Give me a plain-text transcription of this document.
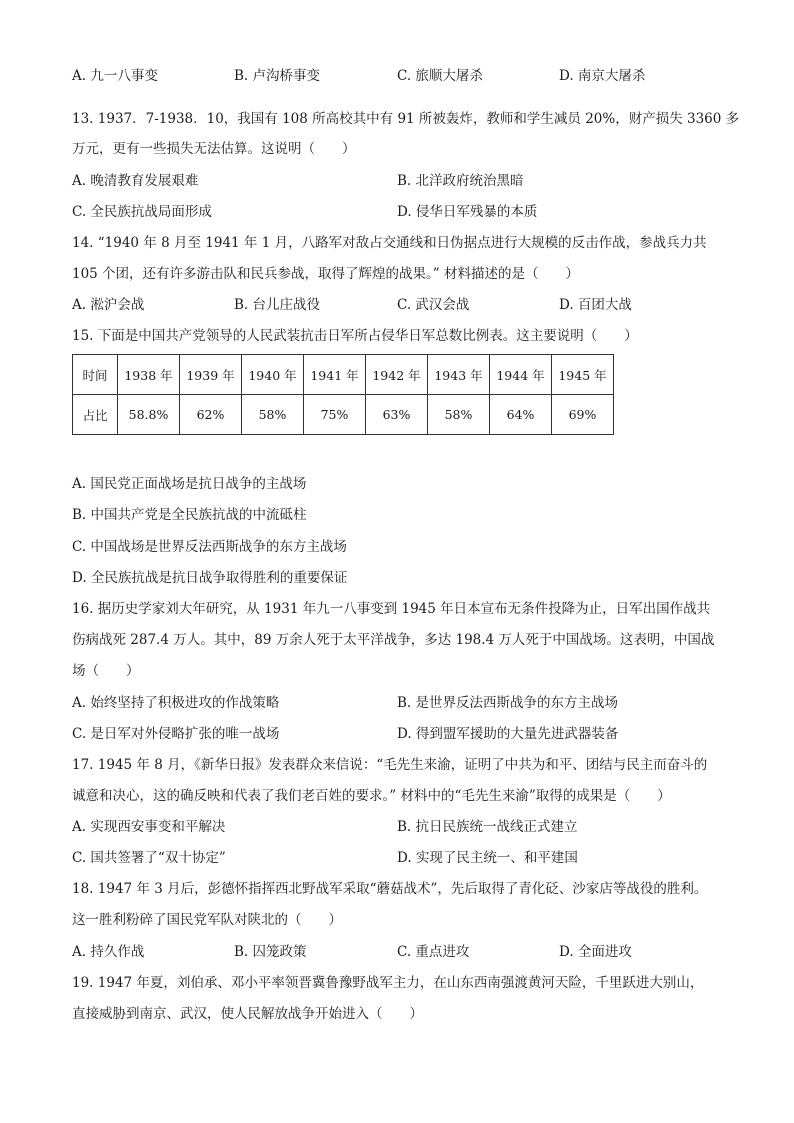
A. 九一八事变	B. 卢沟桥事变	C. 旅顺大屠杀	D. 南京大屠杀
13. 1937．7-1938．10，我国有 108 所高校其中有 91 所被轰炸，教师和学生减员 20%，财产损失 3360 多
万元，更有一些损失无法估算。这说明（　　）
A. 晚清教育发展艰难	B. 北洋政府统治黑暗
C. 全民族抗战局面形成	D. 侵华日军残暴的本质
14. “1940 年 8 月至 1941 年 1 月，八路军对敌占交通线和日伪据点进行大规模的反击作战，参战兵力共
105 个团，还有许多游击队和民兵参战，取得了辉煌的战果。” 材料描述的是（　　）
A. 淞沪会战	B. 台儿庄战役	C. 武汉会战	D. 百团大战
15. 下面是中国共产党领导的人民武装抗击日军所占侵华日军总数比例表。这主要说明（　　）
时间	1938 年	1939 年	1940 年	1941 年	1942 年	1943 年	1944 年	1945 年
占比	58.8%	62%	58%	75%	63%	58%	64%	69%
A. 国民党正面战场是抗日战争的主战场
B. 中国共产党是全民族抗战的中流砥柱
C. 中国战场是世界反法西斯战争的东方主战场
D. 全民族抗战是抗日战争取得胜利的重要保证
16. 据历史学家刘大年研究，从 1931 年九一八事变到 1945 年日本宣布无条件投降为止，日军出国作战共
伤病战死 287.4 万人。其中，89 万余人死于太平洋战争，多达 198.4 万人死于中国战场。这表明，中国战
场（　　）
A. 始终坚持了积极进攻的作战策略	B. 是世界反法西斯战争的东方主战场
C. 是日军对外侵略扩张的唯一战场	D. 得到盟军援助的大量先进武器装备
17. 1945 年 8 月，《新华日报》发表群众来信说：“毛先生来渝，证明了中共为和平、团结与民主而奋斗的
诚意和决心，这的确反映和代表了我们老百姓的要求。” 材料中的“毛先生来渝”取得的成果是（　　）
A. 实现西安事变和平解决	B. 抗日民族统一战线正式建立
C. 国共签署了“双十协定”	D. 实现了民主统一、和平建国
18. 1947 年 3 月后，彭德怀指挥西北野战军采取“蘑菇战术”，先后取得了青化砭、沙家店等战役的胜利。
这一胜利粉碎了国民党军队对陕北的（　　）
A. 持久作战	B. 囚笼政策	C. 重点进攻	D. 全面进攻
19. 1947 年夏，刘伯承、邓小平率领晋冀鲁豫野战军主力，在山东西南强渡黄河天险，千里跃进大别山，
直接威胁到南京、武汉，使人民解放战争开始进入（　　）
